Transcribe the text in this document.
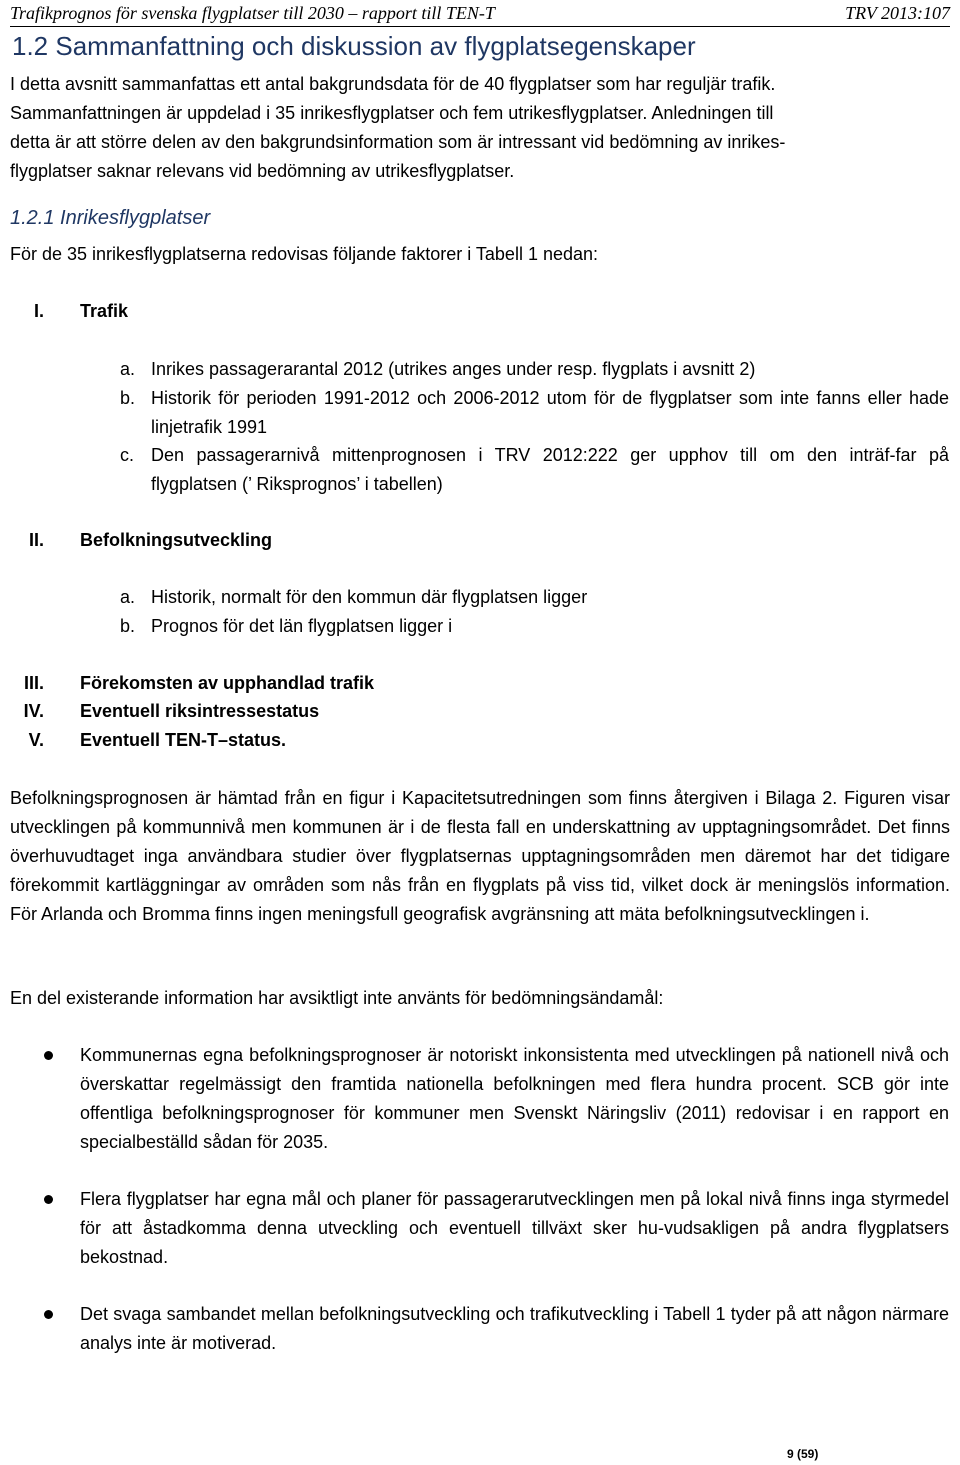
Trafikprognos för svenska flygplatser till 2030 – rapport till TEN-T	TRV 2013:107
1.2 Sammanfattning och diskussion av flygplatsegenskaper
I detta avsnitt sammanfattas ett antal bakgrundsdata för de 40 flygplatser som har reguljär trafik.
Sammanfattningen är uppdelad i 35 inrikesflygplatser och fem utrikesflygplatser. Anledningen till
detta är att större delen av den bakgrundsinformation som är intressant vid bedömning av inrikes-
flygplatser saknar relevans vid bedömning av utrikesflygplatser.
1.2.1 Inrikesflygplatser
För de 35 inrikesflygplatserna redovisas följande faktorer i Tabell 1 nedan:
I. Trafik
a. Inrikes passagerarantal 2012 (utrikes anges under resp. flygplats i avsnitt 2)
b. Historik för perioden 1991-2012 och 2006-2012 utom för de flygplatser som inte fanns eller hade linjetrafik 1991
c. Den passagerarnivå mittenprognosen i TRV 2012:222 ger upphov till om den inträf-far på flygplatsen (’ Riksprognos’ i tabellen)
II. Befolkningsutveckling
a. Historik, normalt för den kommun där flygplatsen ligger
b. Prognos för det län flygplatsen ligger i
III. Förekomsten av upphandlad trafik
IV. Eventuell riksintressestatus
V. Eventuell TEN-T–status.

Befolkningsprognosen är hämtad från en figur i Kapacitetsutredningen som finns återgiven i Bilaga 2. Figuren visar utvecklingen på kommunnivå men kommunen är i de flesta fall en underskattning av upptagningsområdet. Det finns överhuvudtaget inga användbara studier över flygplatsernas upptagningsområden men däremot har det tidigare förekommit kartläggningar av områden som nås från en flygplats på viss tid, vilket dock är meningslös information. För Arlanda och Bromma finns ingen meningsfull geografisk avgränsning att mäta befolkningsutvecklingen i.

En del existerande information har avsiktligt inte använts för bedömningsändamål:

Kommunernas egna befolkningsprognoser är notoriskt inkonsistenta med utvecklingen på nationell nivå och överskattar regelmässigt den framtida nationella befolkningen med flera hundra procent. SCB gör inte offentliga befolkningsprognoser för kommuner men Svenskt Näringsliv (2011) redovisar i en rapport en specialbeställd sådan för 2035.

Flera flygplatser har egna mål och planer för passagerarutvecklingen men på lokal nivå finns inga styrmedel för att åstadkomma denna utveckling och eventuell tillväxt sker hu-vudsakligen på andra flygplatsers bekostnad.

Det svaga sambandet mellan befolkningsutveckling och trafikutveckling i Tabell 1 tyder på att någon närmare analys inte är motiverad.

9 (59)
